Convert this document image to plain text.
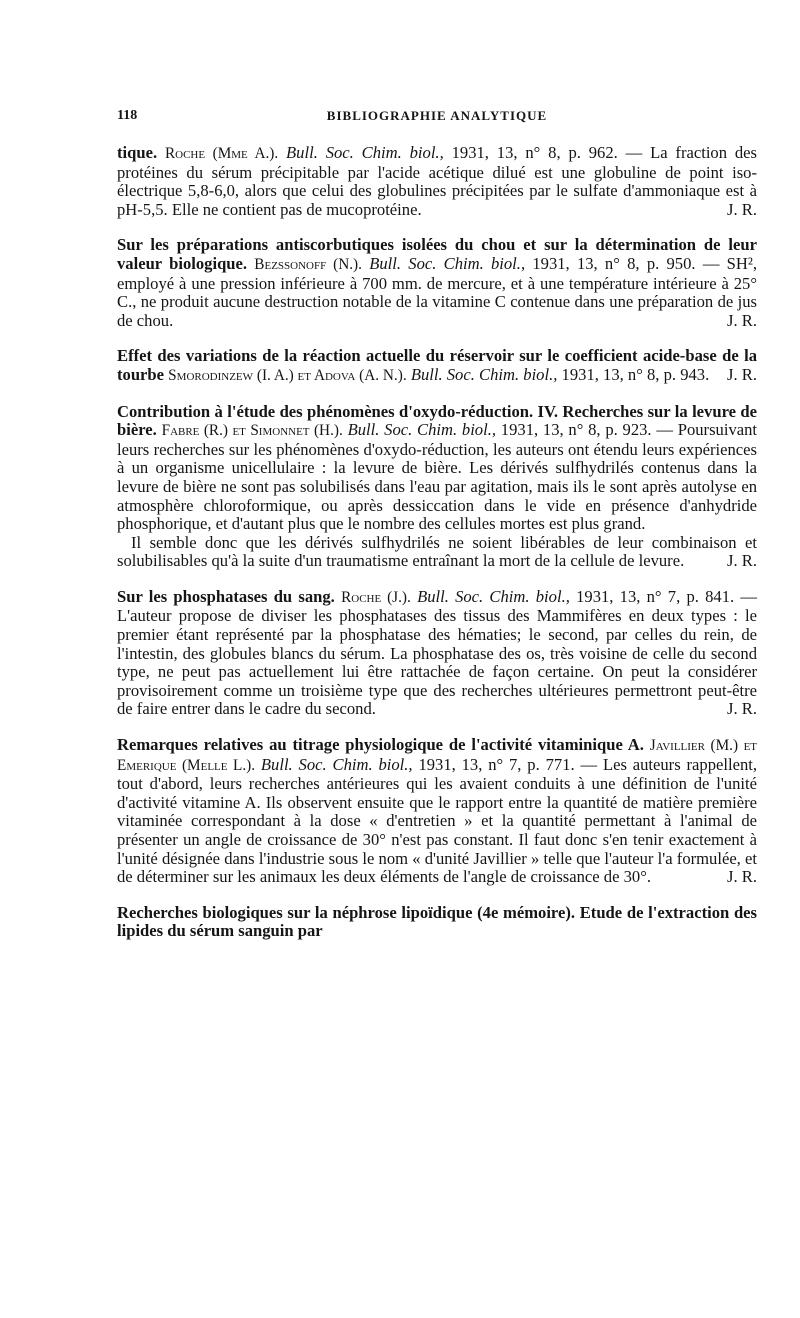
118	BIBLIOGRAPHIE ANALYTIQUE

tique. Roche (Mme A.). Bull. Soc. Chim. biol., 1931, 13, n° 8, p. 962. — La fraction des protéines du sérum précipitable par l'acide acétique dilué est une globuline de point iso-électrique 5,8-6,0, alors que celui des globulines précipitées par le sulfate d'ammoniaque est à pH-5,5. Elle ne contient pas de mucoprotéine.	J. R.

Sur les préparations antiscorbutiques isolées du chou et sur la détermination de leur valeur biologique. Bezssonoff (N.). Bull. Soc. Chim. biol., 1931, 13, n° 8, p. 950. — SH², employé à une pression inférieure à 700 mm. de mercure, et à une température intérieure à 25° C., ne produit aucune destruction notable de la vitamine C contenue dans une préparation de jus de chou.	J. R.

Effet des variations de la réaction actuelle du réservoir sur le coefficient acide-base de la tourbe Smorodinzew (I. A.) et Adova (A. N.). Bull. Soc. Chim. biol., 1931, 13, n° 8, p. 943. J. R.

Contribution à l'étude des phénomènes d'oxydo-réduction. IV. Recherches sur la levure de bière. Fabre (R.) et Simonnet (H.). Bull. Soc. Chim. biol., 1931, 13, n° 8, p. 923. — Poursuivant leurs recherches sur les phénomènes d'oxydo-réduction, les auteurs ont étendu leurs expériences à un organisme unicellulaire : la levure de bière. Les dérivés sulfhydrilés contenus dans la levure de bière ne sont pas solubilisés dans l'eau par agitation, mais ils le sont après autolyse en atmosphère chloroformique, ou après dessiccation dans le vide en présence d'anhydride phosphorique, et d'autant plus que le nombre des cellules mortes est plus grand.

Il semble donc que les dérivés sulfhydrilés ne soient libérables de leur combinaison et solubilisables qu'à la suite d'un traumatisme entraînant la mort de la cellule de levure.	J. R.

Sur les phosphatases du sang. Roche (J.). Bull. Soc. Chim. biol., 1931, 13, n° 7, p. 841. — L'auteur propose de diviser les phosphatases des tissus des Mammifères en deux types : le premier étant représenté par la phosphatase des hématies; le second, par celles du rein, de l'intestin, des globules blancs du sérum. La phosphatase des os, très voisine de celle du second type, ne peut pas actuellement lui être rattachée de façon certaine. On peut la considérer provisoirement comme un troisième type que des recherches ultérieures permettront peut-être de faire entrer dans le cadre du second.	J. R.

Remarques relatives au titrage physiologique de l'activité vitaminique A. Javillier (M.) et Emerique (Melle L.). Bull. Soc. Chim. biol., 1931, 13, n° 7, p. 771. — Les auteurs rappellent, tout d'abord, leurs recherches antérieures qui les avaient conduits à une définition de l'unité d'activité vitamine A. Ils observent ensuite que le rapport entre la quantité de matière première vitaminée correspondant à la dose « d'entretien » et la quantité permettant à l'animal de présenter un angle de croissance de 30° n'est pas constant. Il faut donc s'en tenir exactement à l'unité désignée dans l'industrie sous le nom « d'unité Javillier » telle que l'auteur l'a formulée, et de déterminer sur les animaux les deux éléments de l'angle de croissance de 30°.	J. R.

Recherches biologiques sur la néphrose lipoïdique (4e mémoire). Etude de l'extraction des lipides du sérum sanguin par
